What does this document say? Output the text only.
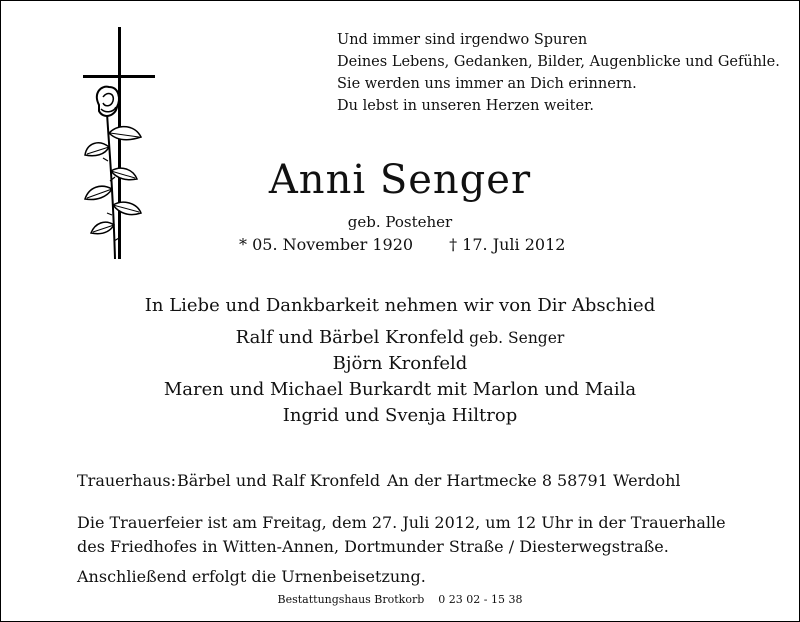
Und immer sind irgendwo Spuren
Deines Lebens, Gedanken, Bilder, Augenblicke und Gefühle.
Sie werden uns immer an Dich erinnern.
Du lebst in unseren Herzen weiter.
Anni Senger
geb. Posteher
* 05. November 1920 † 17. Juli 2012
In Liebe und Dankbarkeit nehmen wir von Dir Abschied
Ralf und Bärbel Kronfeld geb. Senger
Björn Kronfeld
Maren und Michael Burkardt mit Marlon und Maila
Ingrid und Svenja Hiltrop
Trauerhaus:Bärbel und Ralf Kronfeld An der Hartmecke 8 58791 Werdohl
Die Trauerfeier ist am Freitag, dem 27. Juli 2012, um 12 Uhr in der Trauerhalle
des Friedhofes in Witten-Annen, Dortmunder Straße / Diesterwegstraße.
Anschließend erfolgt die Urnenbeisetzung.
Bestattungshaus Brotkorb 0 23 02 - 15 38
